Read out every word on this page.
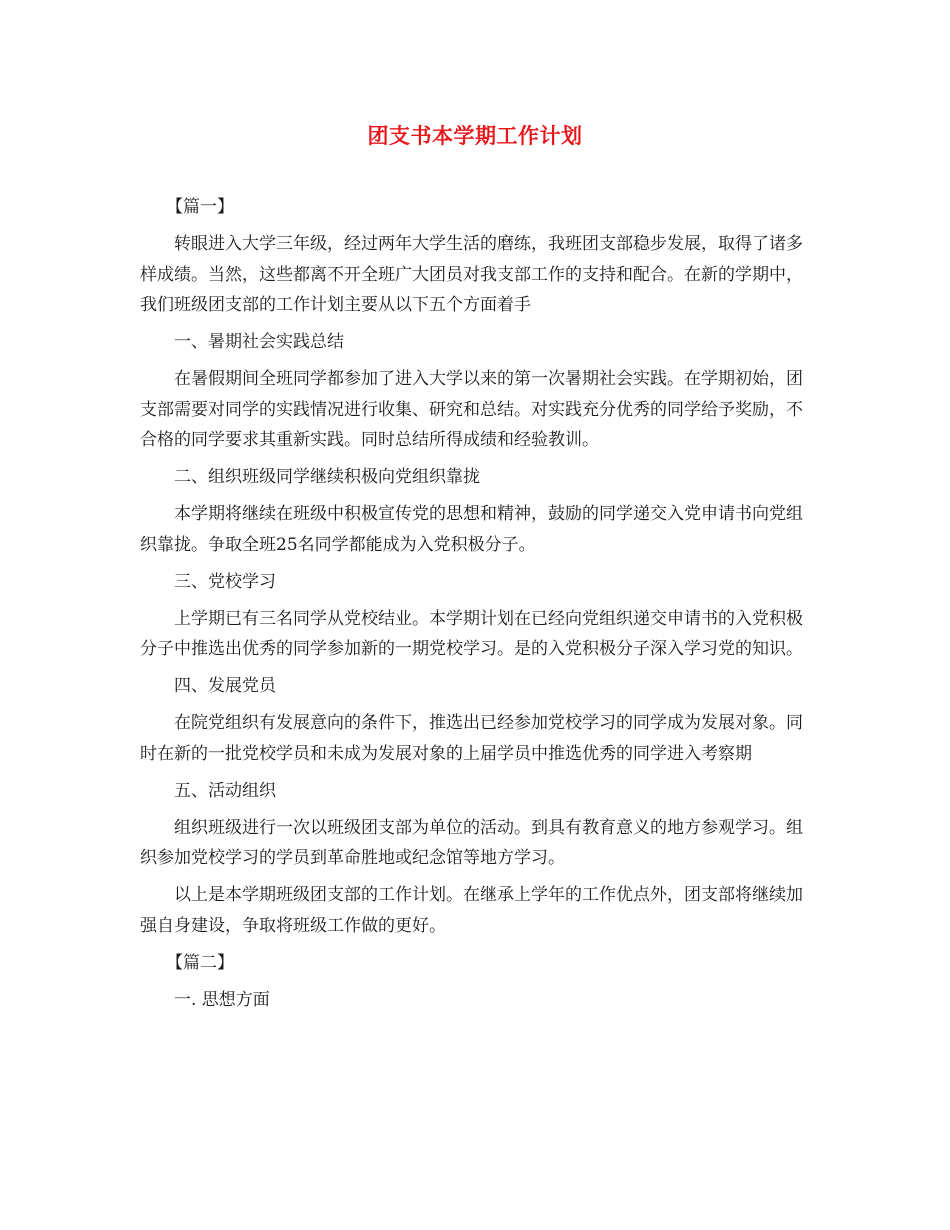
团支书本学期工作计划

【篇一】

转眼进入大学三年级，经过两年大学生活的磨练，我班团支部稳步发展，取得了诸多样成绩。当然，这些都离不开全班广大团员对我支部工作的支持和配合。在新的学期中，我们班级团支部的工作计划主要从以下五个方面着手

一、暑期社会实践总结

在暑假期间全班同学都参加了进入大学以来的第一次暑期社会实践。在学期初始，团支部需要对同学的实践情况进行收集、研究和总结。对实践充分优秀的同学给予奖励，不合格的同学要求其重新实践。同时总结所得成绩和经验教训。

二、组织班级同学继续积极向党组织靠拢

本学期将继续在班级中积极宣传党的思想和精神，鼓励的同学递交入党申请书向党组织靠拢。争取全班25名同学都能成为入党积极分子。

三、党校学习

上学期已有三名同学从党校结业。本学期计划在已经向党组织递交申请书的入党积极分子中推选出优秀的同学参加新的一期党校学习。是的入党积极分子深入学习党的知识。

四、发展党员

在院党组织有发展意向的条件下，推选出已经参加党校学习的同学成为发展对象。同时在新的一批党校学员和未成为发展对象的上届学员中推选优秀的同学进入考察期

五、活动组织

组织班级进行一次以班级团支部为单位的活动。到具有教育意义的地方参观学习。组织参加党校学习的学员到革命胜地或纪念馆等地方学习。

以上是本学期班级团支部的工作计划。在继承上学年的工作优点外，团支部将继续加强自身建设，争取将班级工作做的更好。

【篇二】

一. 思想方面
